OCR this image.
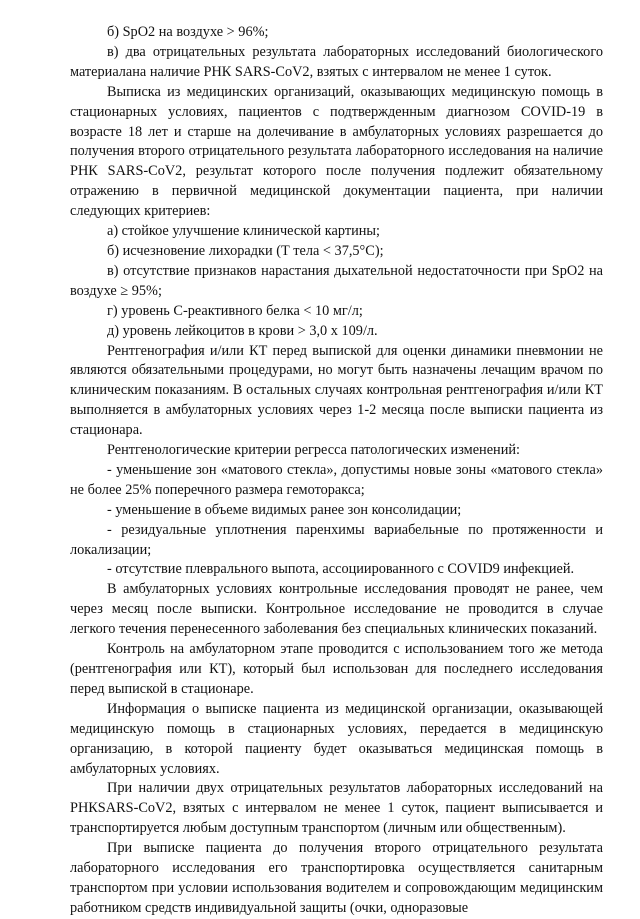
б) SpO2 на воздухе > 96%;

в) два отрицательных результата лабораторных исследований биологического материалана наличие РНК SARS-CoV2, взятых с интервалом не менее 1 суток.

Выписка из медицинских организаций, оказывающих медицинскую помощь в стационарных условиях, пациентов с подтвержденным диагнозом COVID-19 в возрасте 18 лет и старше на долечивание в амбулаторных условиях разрешается до получения второго отрицательного результата лабораторного исследования на наличие РНК SARS-CoV2, результат которого после получения подлежит обязательному отражению в первичной медицинской документации пациента, при наличии следующих критериев:

а) стойкое улучшение клинической картины;

б) исчезновение лихорадки (Т тела < 37,5°С);

в) отсутствие признаков нарастания дыхательной недостаточности при SpO2 на воздухе ≥ 95%;

г) уровень С-реактивного белка < 10 мг/л;

д) уровень лейкоцитов в крови > 3,0 х 109/л.

Рентгенография и/или КТ перед выпиской для оценки динамики пневмонии не являются обязательными процедурами, но могут быть назначены лечащим врачом по клиническим показаниям. В остальных случаях контрольная рентгенография и/или КТ выполняется в амбулаторных условиях через 1-2 месяца после выписки пациента из стационара.

Рентгенологические критерии регресса патологических изменений:

- уменьшение зон «матового стекла», допустимы новые зоны «матового стекла» не более 25% поперечного размера гемоторакса;

- уменьшение в объеме видимых ранее зон консолидации;

- резидуальные уплотнения паренхимы вариабельные по протяженности и локализации;

- отсутствие плеврального выпота, ассоциированного с COVID9 инфекцией.

В амбулаторных условиях контрольные исследования проводят не ранее, чем через месяц после выписки. Контрольное исследование не проводится в случае легкого течения перенесенного заболевания без специальных клинических показаний.

Контроль на амбулаторном этапе проводится с использованием того же метода (рентгенография или КТ), который был использован для последнего исследования перед выпиской в стационаре.

Информация о выписке пациента из медицинской организации, оказывающей медицинскую помощь в стационарных условиях, передается в медицинскую организацию, в которой пациенту будет оказываться медицинская помощь в амбулаторных условиях.

При наличии двух отрицательных результатов лабораторных исследований на РНКSARS-CoV2, взятых с интервалом не менее 1 суток, пациент выписывается и транспортируется любым доступным транспортом (личным или общественным).

При выписке пациента до получения второго отрицательного результата лабораторного исследования его транспортировка осуществляется санитарным транспортом при условии использования водителем и сопровождающим медицинским работником средств индивидуальной защиты (очки, одноразовые
